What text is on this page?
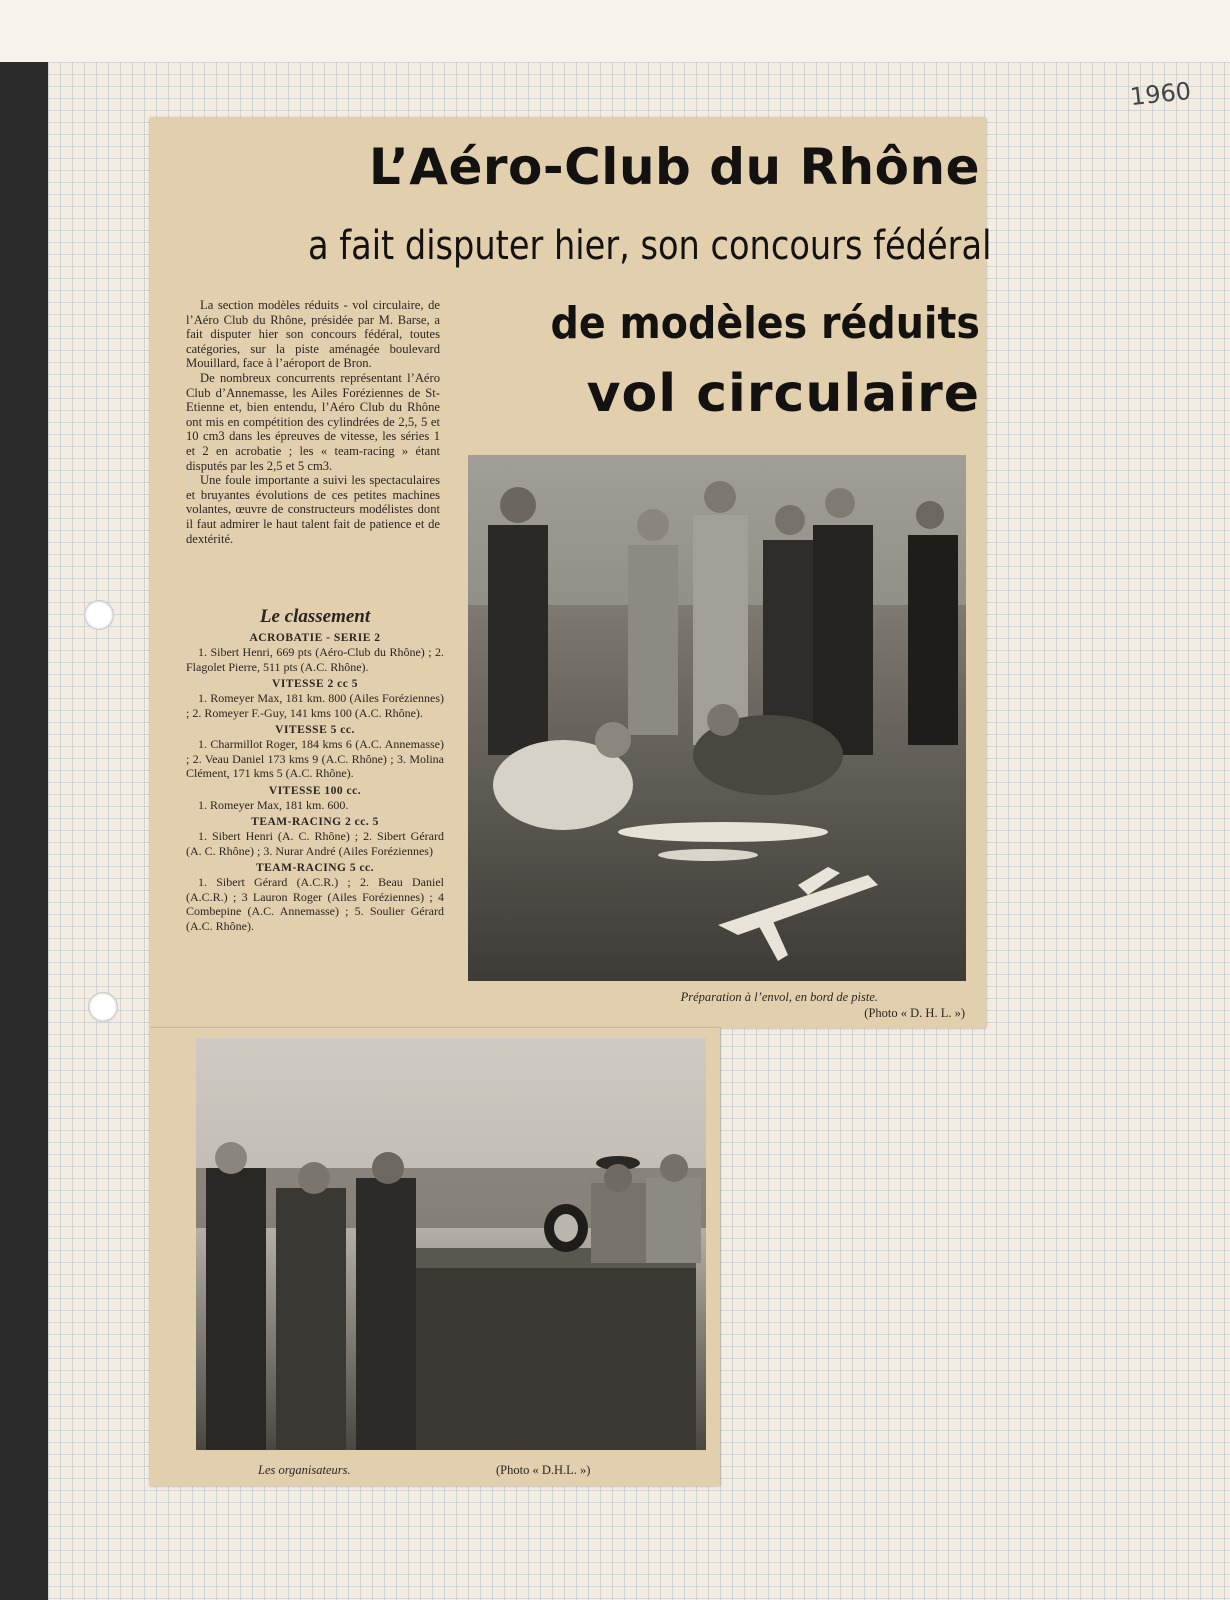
1960
L’Aéro-Club du Rhône
a fait disputer hier, son concours fédéral
de modèles réduits
vol circulaire

La section modèles réduits - vol circulaire, de l’Aéro Club du Rhône, présidée par M. Barse, a fait disputer hier son concours fédéral, toutes catégories, sur la piste aménagée boulevard Mouillard, face à l’aéroport de Bron.

De nombreux concurrents représentant l’Aéro Club d’Annemasse, les Ailes Foréziennes de St-Etienne et, bien entendu, l’Aéro Club du Rhône ont mis en compétition des cylindrées de 2,5, 5 et 10 cm3 dans les épreuves de vitesse, les séries 1 et 2 en acrobatie ; les « team-racing » étant disputés par les 2,5 et 5 cm3.

Une foule importante a suivi les spectaculaires et bruyantes évolutions de ces petites machines volantes, œuvre de constructeurs modélistes dont il faut admirer le haut talent fait de patience et de dextérité.

Le classement
ACROBATIE - SERIE 2

1. Sibert Henri, 669 pts (Aéro-Club du Rhône) ; 2. Flagolet Pierre, 511 pts (A.C. Rhône).

VITESSE 2 cc 5

1. Romeyer Max, 181 km. 800 (Ailes Foréziennes) ; 2. Romeyer F.-Guy, 141 kms 100 (A.C. Rhône).

VITESSE 5 cc.

1. Charmillot Roger, 184 kms 6 (A.C. Annemasse) ; 2. Veau Daniel 173 kms 9 (A.C. Rhône) ; 3. Molina Clément, 171 kms 5 (A.C. Rhône).

VITESSE 100 cc.

1. Romeyer Max, 181 km. 600.

TEAM-RACING 2 cc. 5

1. Sibert Henri (A. C. Rhône) ; 2. Sibert Gérard (A. C. Rhône) ; 3. Nurar André (Ailes Foréziennes)

TEAM-RACING 5 cc.

1. Sibert Gérard (A.C.R.) ; 2. Beau Daniel (A.C.R.) ; 3 Lauron Roger (Ailes Foréziennes) ; 4 Combepine (A.C. Annemasse) ; 5. Soulier Gérard (A.C. Rhône).

Préparation à l’envol, en bord de piste.
(Photo « D. H. L. »)
Les organisateurs.	(Photo « D.H.L. »)
